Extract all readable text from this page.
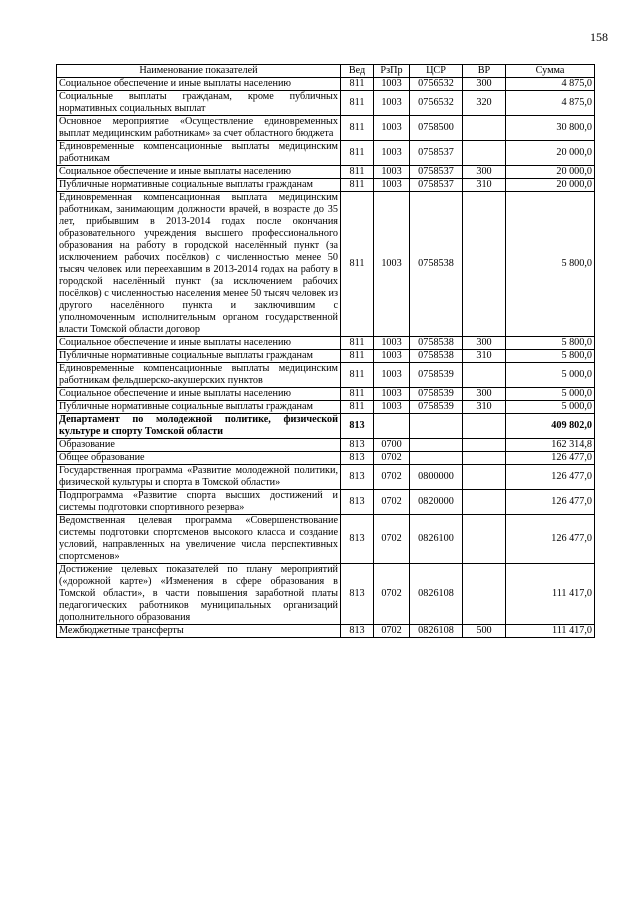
158
Наименование показателей	Вед	РзПр	ЦСР	ВР	Сумма
Социальное обеспечение и иные выплаты населению	811	1003	0756532	300	4 875,0
Социальные выплаты гражданам, кроме публичных нормативных социальных выплат	811	1003	0756532	320	4 875,0
Основное мероприятие «Осуществление единовременных выплат медицинским работникам» за счет областного бюджета	811	1003	0758500		30 800,0
Единовременные компенсационные выплаты медицинским работникам	811	1003	0758537		20 000,0
Социальное обеспечение и иные выплаты населению	811	1003	0758537	300	20 000,0
Публичные нормативные социальные выплаты гражданам	811	1003	0758537	310	20 000,0
Единовременная компенсационная выплата медицинским работникам, занимающим должности врачей, в возрасте до 35 лет, прибывшим в 2013-2014 годах после окончания образовательного учреждения высшего профессионального образования на работу в городской населённый пункт (за исключением рабочих посёлков) с численностью менее 50 тысяч человек или переехавшим в 2013-2014 годах на работу в городской населённый пункт (за исключением рабочих посёлков) с численностью населения менее 50 тысяч человек из другого населённого пункта и заключившим с уполномоченным исполнительным органом государственной власти Томской области договор	811	1003	0758538		5 800,0
Социальное обеспечение и иные выплаты населению	811	1003	0758538	300	5 800,0
Публичные нормативные социальные выплаты гражданам	811	1003	0758538	310	5 800,0
Единовременные компенсационные выплаты медицинским работникам фельдшерско-акушерских пунктов	811	1003	0758539		5 000,0
Социальное обеспечение и иные выплаты населению	811	1003	0758539	300	5 000,0
Публичные нормативные социальные выплаты гражданам	811	1003	0758539	310	5 000,0
Департамент по молодежной политике, физической культуре и спорту Томской области	813				409 802,0
Образование	813	0700			162 314,8
Общее образование	813	0702			126 477,0
Государственная программа «Развитие молодежной политики, физической культуры и спорта в Томской области»	813	0702	0800000		126 477,0
Подпрограмма «Развитие спорта высших достижений и системы подготовки спортивного резерва»	813	0702	0820000		126 477,0
Ведомственная целевая программа «Совершенствование системы подготовки спортсменов высокого класса и создание условий, направленных на увеличение числа перспективных спортсменов»	813	0702	0826100		126 477,0
Достижение целевых показателей по плану мероприятий («дорожной карте») «Изменения в сфере образования в Томской области», в части повышения заработной платы педагогических работников муниципальных организаций дополнительного образования	813	0702	0826108		111 417,0
Межбюджетные трансферты	813	0702	0826108	500	111 417,0
